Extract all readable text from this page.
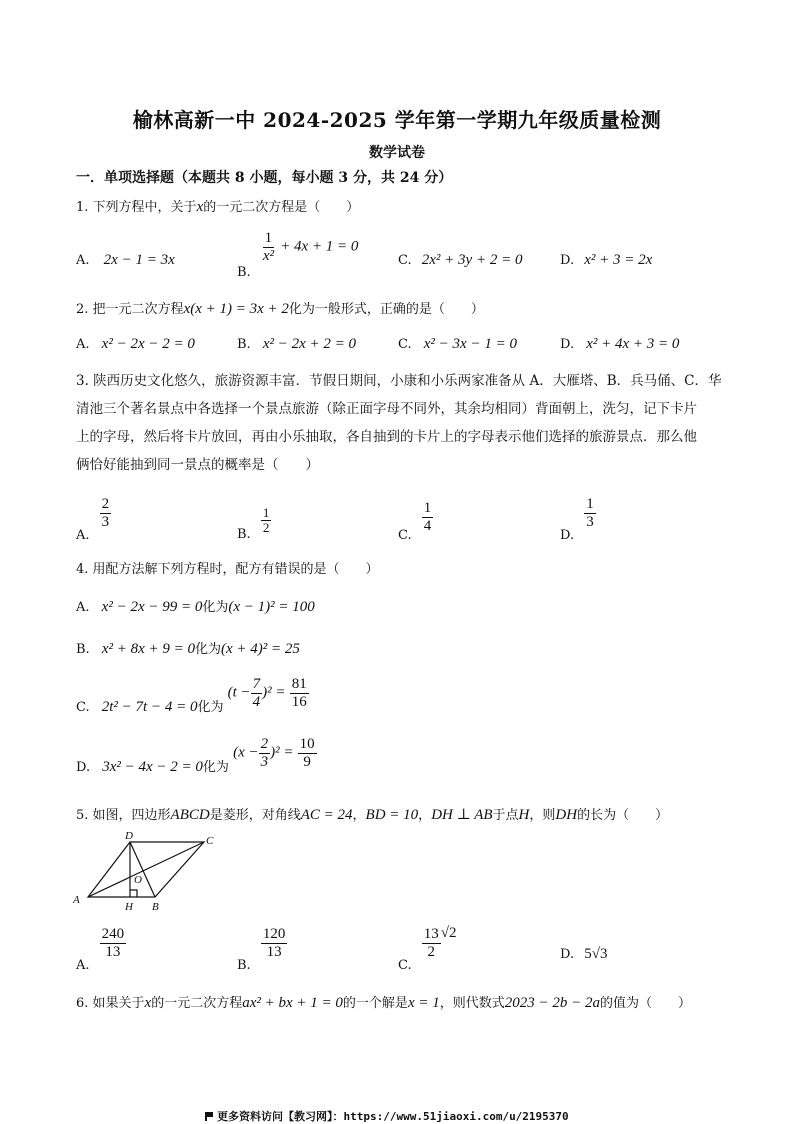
榆林高新一中 2024-2025 学年第一学期九年级质量检测
数学试卷
一．单项选择题（本题共 8 小题，每小题 3 分，共 24 分）
1. 下列方程中，关于x的一元二次方程是（　　）
A. 2x − 1 = 3x
B.
$\frac{1}{\text{x²}} + 4x + 1 = 0$
C. 2x² + 3y + 2 = 0	D. x² + 3 = 2x
2. 把一元二次方程x(x + 1) = 3x + 2化为一般形式，正确的是（　　）
A. x² − 2x − 2 = 0	B. x² − 2x + 2 = 0	C. x² − 3x − 1 = 0	D. x² + 4x + 3 = 0
3. 陕西历史文化悠久，旅游资源丰富．节假日期间，小康和小乐两家准备从 A．大雁塔、B．兵马俑、C．华
清池三个著名景点中各选择一个景点旅游（除正面字母不同外，其余均相同）背面朝上，洗匀，记下卡片
上的字母，然后将卡片放回，再由小乐抽取，各自抽到的卡片上的字母表示他们选择的旅游景点．那么他
俩恰好能抽到同一景点的概率是（　　）
A.
$\frac{2}{3}$
B. $\frac{1}{2}$	C.
$\frac{1}{4}$
D.
$\frac{1}{3}$
4. 用配方法解下列方程时，配方有错误的是（　　）
A. x² − 2x − 99 = 0化为(x − 1)² = 100
B. x² + 8x + 9 = 0化为(x + 4)² = 25
C. 2t² − 7t − 4 = 0化为 $(t - \frac{7}{4} )^2 = \frac{81}{16}$
D. 3x² − 4x − 2 = 0化为 $(x - \frac{2}{3} )^2 = \frac{10}{9}$
5. 如图，四边形ABCD是菱形，对角线AC = 24，BD = 10，DH ⊥ AB于点H，则DH的长为（　　）
A
B
C
D
O
H
A.
$\frac{240}{13}$
B.
$\frac{120}{13}$
C.
$\frac{13}{2} √2$
D. 5√3
6. 如果关于x的一元二次方程ax² + bx + 1 = 0的一个解是x = 1，则代数式2023 − 2b − 2a的值为（　　）
更多资料访问【教习网】：https://www.51jiaoxi.com/u/2195370
